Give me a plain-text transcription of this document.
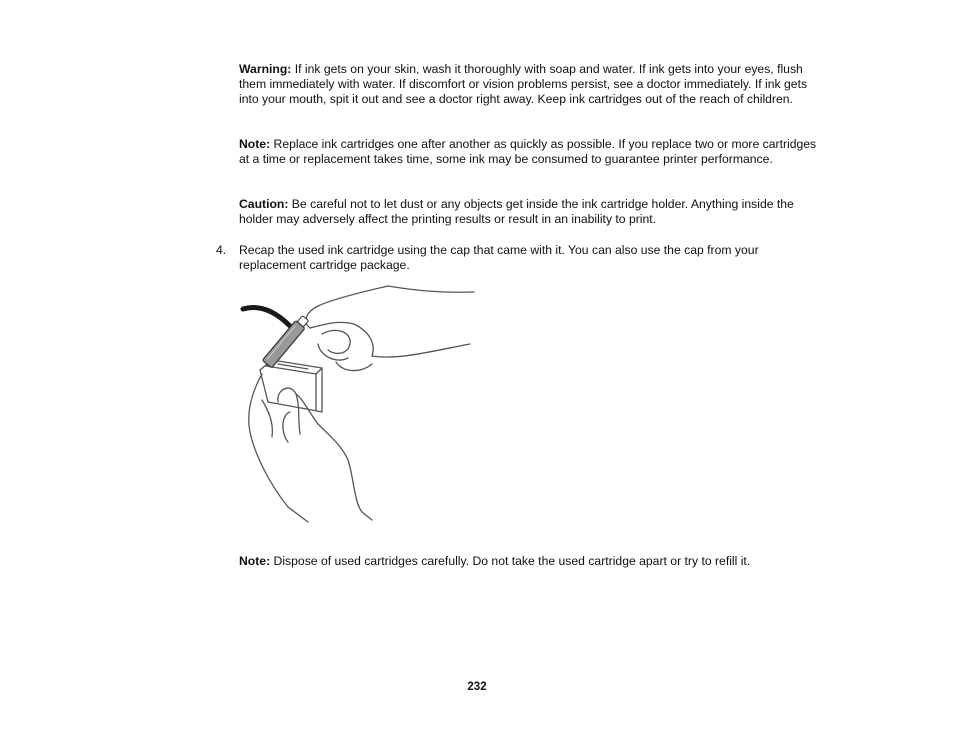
Warning: If ink gets on your skin, wash it thoroughly with soap and water. If ink gets into your eyes, flush them immediately with water. If discomfort or vision problems persist, see a doctor immediately. If ink gets into your mouth, spit it out and see a doctor right away. Keep ink cartridges out of the reach of children.

Note: Replace ink cartridges one after another as quickly as possible. If you replace two or more cartridges at a time or replacement takes time, some ink may be consumed to guarantee printer performance.

Caution: Be careful not to let dust or any objects get inside the ink cartridge holder. Anything inside the holder may adversely affect the printing results or result in an inability to print.

4. Recap the used ink cartridge using the cap that came with it. You can also use the cap from your replacement cartridge package.

Note: Dispose of used cartridges carefully. Do not take the used cartridge apart or try to refill it.

232
